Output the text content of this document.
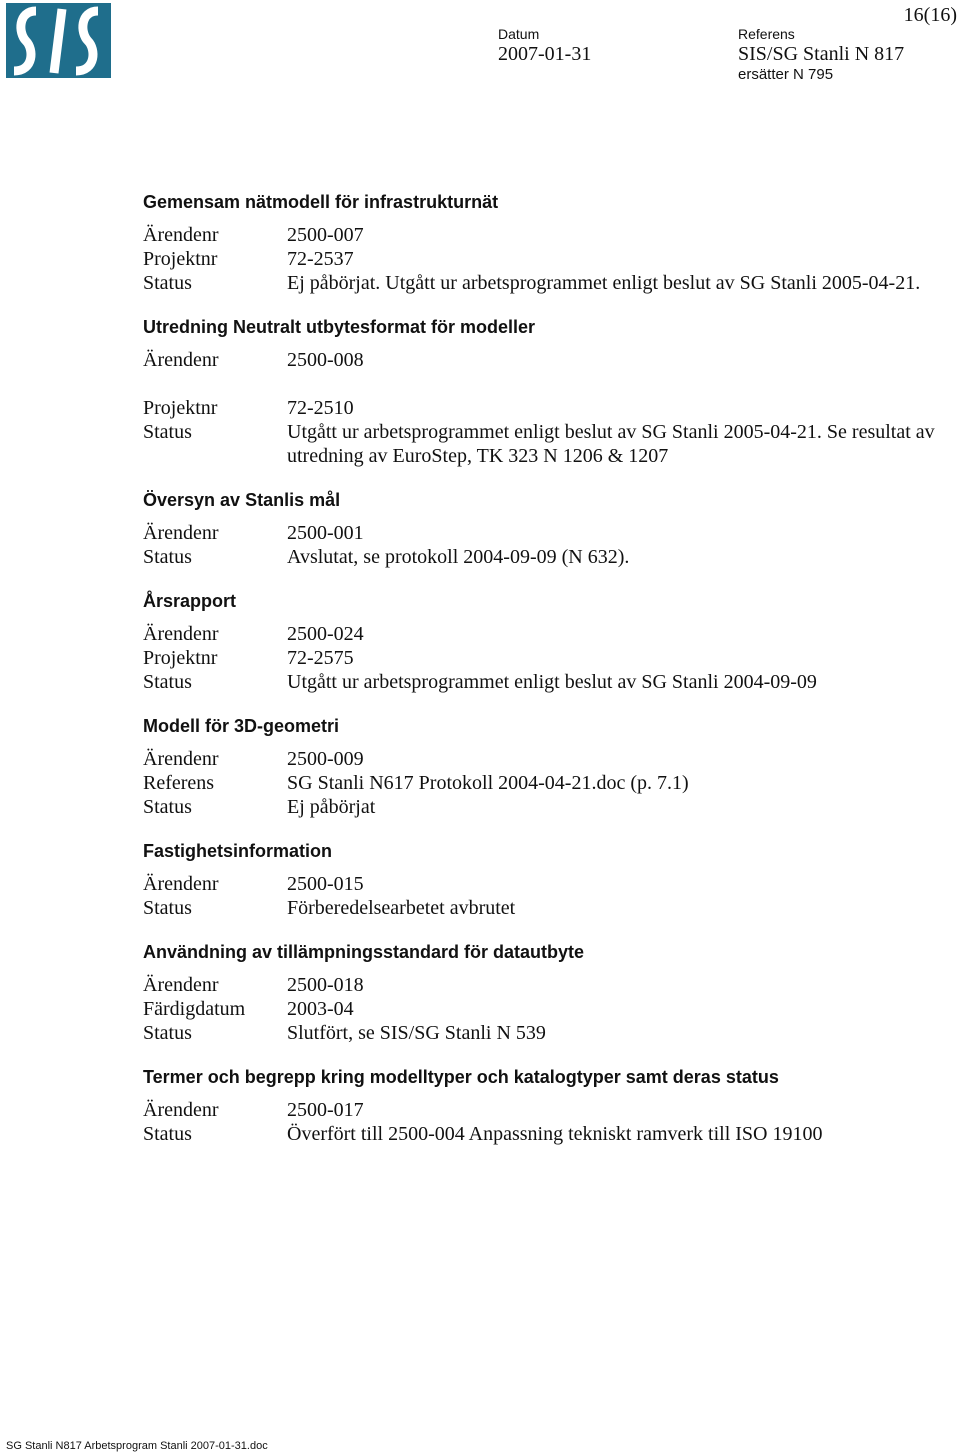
16(16)
Datum
2007-01-31
Referens
SIS/SG Stanli N 817
ersätter N 795
Gemensam nätmodell för infrastrukturnät
Ärendenr	2500-007
Projektnr	72-2537
Status	Ej påbörjat. Utgått ur arbetsprogrammet enligt beslut av SG Stanli 2005-04-21.
Utredning Neutralt utbytesformat för modeller
Ärendenr	2500-008
Projektnr	72-2510
Status	Utgått ur arbetsprogrammet enligt beslut av SG Stanli 2005-04-21. Se resultat av utredning av EuroStep, TK 323 N 1206 & 1207
Översyn av Stanlis mål
Ärendenr	2500-001
Status	Avslutat, se protokoll 2004-09-09 (N 632).
Årsrapport
Ärendenr	2500-024
Projektnr	72-2575
Status	Utgått ur arbetsprogrammet enligt beslut av SG Stanli 2004-09-09
Modell för 3D-geometri
Ärendenr	2500-009
Referens	SG Stanli N617 Protokoll 2004-04-21.doc (p. 7.1)
Status	Ej påbörjat
Fastighetsinformation
Ärendenr	2500-015
Status	Förberedelsearbetet avbrutet
Användning av tillämpningsstandard för datautbyte
Ärendenr	2500-018
Färdigdatum	2003-04
Status	Slutfört, se SIS/SG Stanli N 539
Termer och begrepp kring modelltyper och katalogtyper samt deras status
Ärendenr	2500-017
Status	Överfört till 2500-004 Anpassning tekniskt ramverk till ISO 19100
SG Stanli N817 Arbetsprogram Stanli 2007-01-31.doc
